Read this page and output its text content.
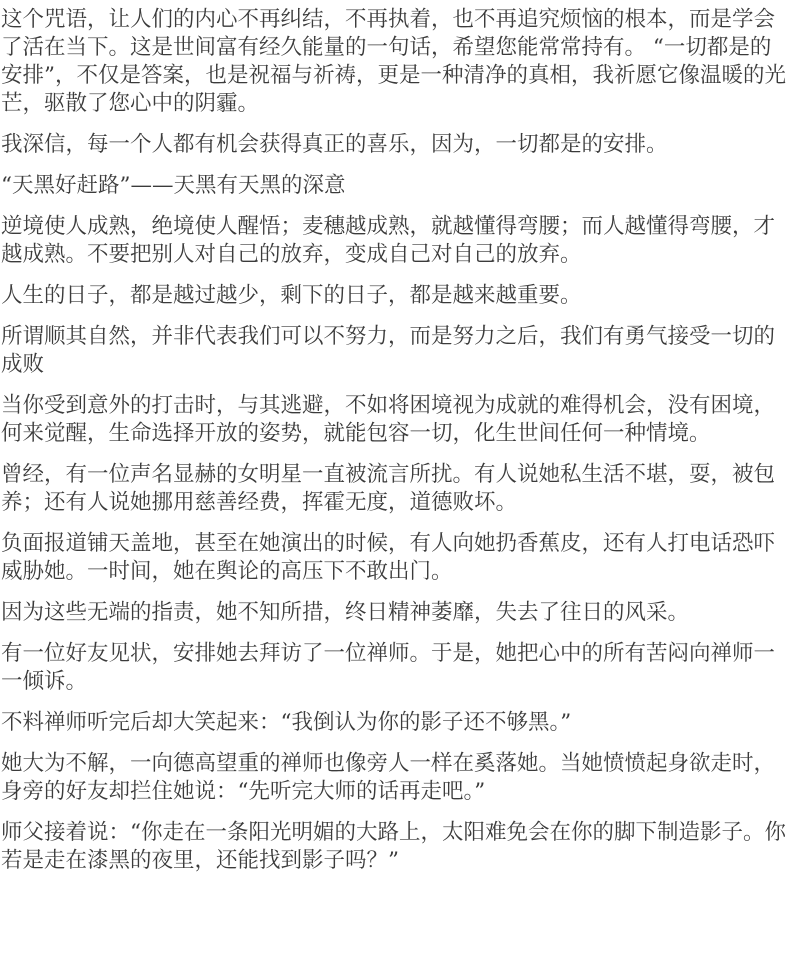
这个咒语，让人们的内心不再纠结，不再执着，也不再追究烦恼的根本，而是学会了活在当下。这是世间富有经久能量的一句话，希望您能常常持有。 “一切都是的安排”，不仅是答案，也是祝福与祈祷，更是一种清净的真相，我祈愿它像温暖的光芒，驱散了您心中的阴霾。

我深信，每一个人都有机会获得真正的喜乐，因为，一切都是的安排。

“天黑好赶路”——天黑有天黑的深意

逆境使人成熟，绝境使人醒悟；麦穗越成熟，就越懂得弯腰；而人越懂得弯腰，才越成熟。不要把别人对自己的放弃，变成自己对自己的放弃。

人生的日子，都是越过越少，剩下的日子，都是越来越重要。

所谓顺其自然，并非代表我们可以不努力，而是努力之后，我们有勇气接受一切的成败

当你受到意外的打击时，与其逃避，不如将困境视为成就的难得机会，没有困境，何来觉醒，生命选择开放的姿势，就能包容一切，化生世间任何一种情境。

曾经，有一位声名显赫的女明星一直被流言所扰。有人说她私生活不堪，耍，被包养；还有人说她挪用慈善经费，挥霍无度，道德败坏。

负面报道铺天盖地，甚至在她演出的时候，有人向她扔香蕉皮，还有人打电话恐吓威胁她。一时间，她在舆论的高压下不敢出门。

因为这些无端的指责，她不知所措，终日精神萎靡，失去了往日的风采。

有一位好友见状，安排她去拜访了一位禅师。于是，她把心中的所有苦闷向禅师一一倾诉。

不料禅师听完后却大笑起来：“我倒认为你的影子还不够黑。”

她大为不解，一向德高望重的禅师也像旁人一样在奚落她。当她愤愤起身欲走时，身旁的好友却拦住她说：“先听完大师的话再走吧。”

师父接着说：“你走在一条阳光明媚的大路上，太阳难免会在你的脚下制造影子。你若是走在漆黑的夜里，还能找到影子吗？”
